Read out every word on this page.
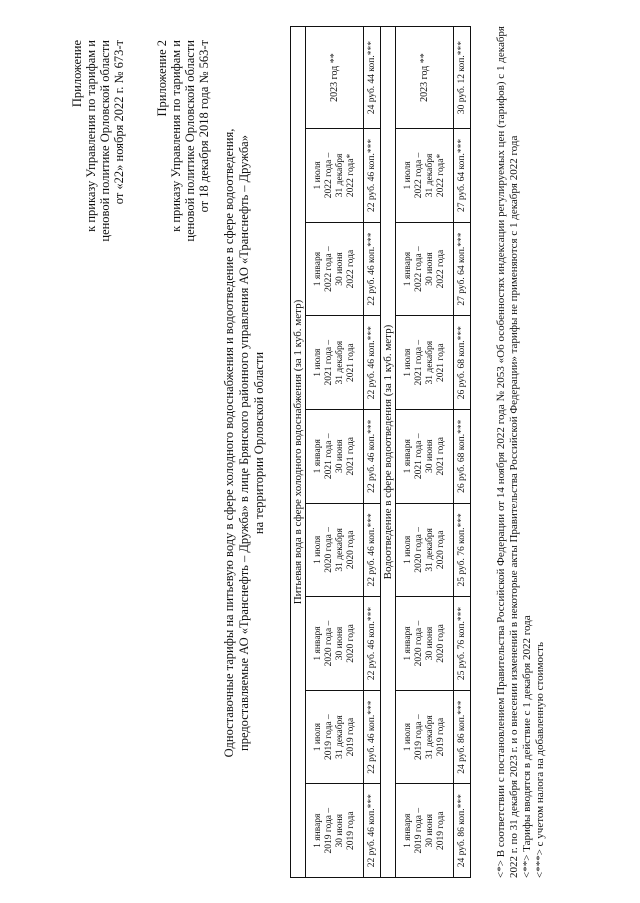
Приложение к приказу Управления по тарифам и ценовой политике Орловской области от «22» ноября 2022 г. № 673-т Приложение 2 к приказу Управления по тарифам и ценовой политике Орловской области от 18 декабря 2018 года № 563-т
Одноставочные тарифы на питьевую воду в сфере холодного водоснабжения и водоотведение в сфере водоотведения, предоставляемые АО «Транснефть – Дружба» в лице Брянского районного управления АО «Транснефть – Дружба» на территории Орловской области Питьевая вода в сфере холодного водоснабжения (за 1 куб. метр)								

1 января 2019 года – 30 июня 2019 года	1 июля 2019 года – 31 декабря 2019 года	1 января 2020 года – 30 июня 2020 года	1 июля 2020 года – 31 декабря 2020 года	1 января 2021 года – 30 июня 2021 года	1 июля 2021 года – 31 декабря 2021 года	1 января 2022 года – 30 июня 2022 года	1 июля 2022 года – 31 декабря 2022 года*	2023 год **

22 руб. 46 коп.***	22 руб. 46 коп.***	22 руб. 46 коп.***	22 руб. 46 коп.***	22 руб. 46 коп.***	22 руб. 46 коп.***	22 руб. 46 коп.***	22 руб. 46 коп.***	24 руб. 44 коп.***
Водоотведение в сфере водоотведения (за 1 куб. метр)								

1 января 2019 года – 30 июня 2019 года	1 июля 2019 года – 31 декабря 2019 года	1 января 2020 года – 30 июня 2020 года	1 июля 2020 года – 31 декабря 2020 года	1 января 2021 года – 30 июня 2021 года	1 июля 2021 года – 31 декабря 2021 года	1 января 2022 года – 30 июня 2022 года	1 июля 2022 года – 31 декабря 2022 года*	2023 год **

24 руб. 86 коп.***	24 руб. 86 коп.***	25 руб. 76 коп.***	25 руб. 76 коп.***	26 руб. 68 коп.***	26 руб. 68 коп.***	27 руб. 64 коп.***	27 руб. 64 коп.***	30 руб. 12 коп.***	<*> В соответствии с постановлением Правительства Российской Федерации от 14 ноября 2022 года № 2053 «Об особенностях индексации регулируемых цен (тарифов) с 1 декабря 2022 г. по 31 декабря 2023 г. и о внесении изменений в некоторые акты Правительства Российской Федерации» тарифы не применяются с 1 декабря 2022 года <**> Тарифы вводятся в действие с 1 декабря 2022 года <***> с учетом налога на добавленную стоимость
